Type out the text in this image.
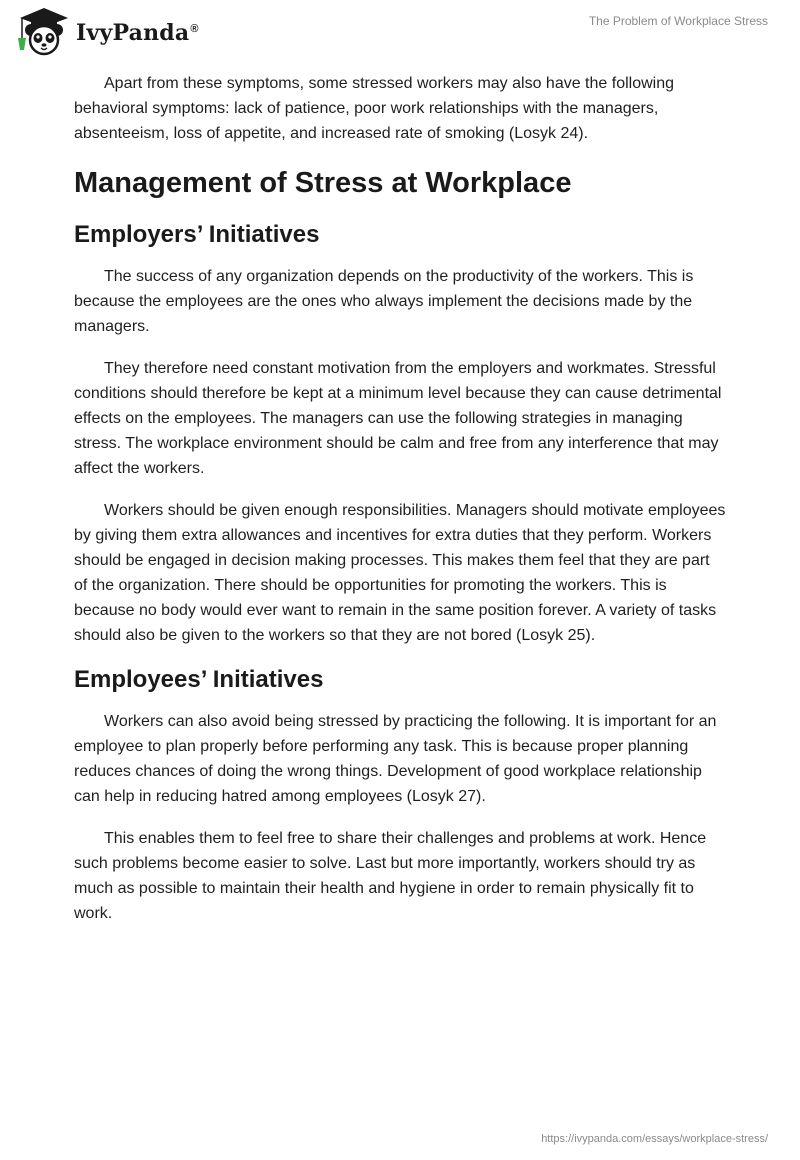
IvyPanda®
The Problem of Workplace Stress

Apart from these symptoms, some stressed workers may also have the following behavioral symptoms: lack of patience, poor work relationships with the managers, absenteeism, loss of appetite, and increased rate of smoking (Losyk 24).

Management of Stress at Workplace
Employers’ Initiatives

The success of any organization depends on the productivity of the workers. This is because the employees are the ones who always implement the decisions made by the managers.

They therefore need constant motivation from the employers and workmates. Stressful conditions should therefore be kept at a minimum level because they can cause detrimental effects on the employees. The managers can use the following strategies in managing stress. The workplace environment should be calm and free from any interference that may affect the workers.

Workers should be given enough responsibilities. Managers should motivate employees by giving them extra allowances and incentives for extra duties that they perform. Workers should be engaged in decision making processes. This makes them feel that they are part of the organization. There should be opportunities for promoting the workers. This is because no body would ever want to remain in the same position forever. A variety of tasks should also be given to the workers so that they are not bored (Losyk 25).

Employees’ Initiatives

Workers can also avoid being stressed by practicing the following. It is important for an employee to plan properly before performing any task. This is because proper planning reduces chances of doing the wrong things. Development of good workplace relationship can help in reducing hatred among employees (Losyk 27).

This enables them to feel free to share their challenges and problems at work. Hence such problems become easier to solve. Last but more importantly, workers should try as much as possible to maintain their health and hygiene in order to remain physically fit to work.

https://ivypanda.com/essays/workplace-stress/
